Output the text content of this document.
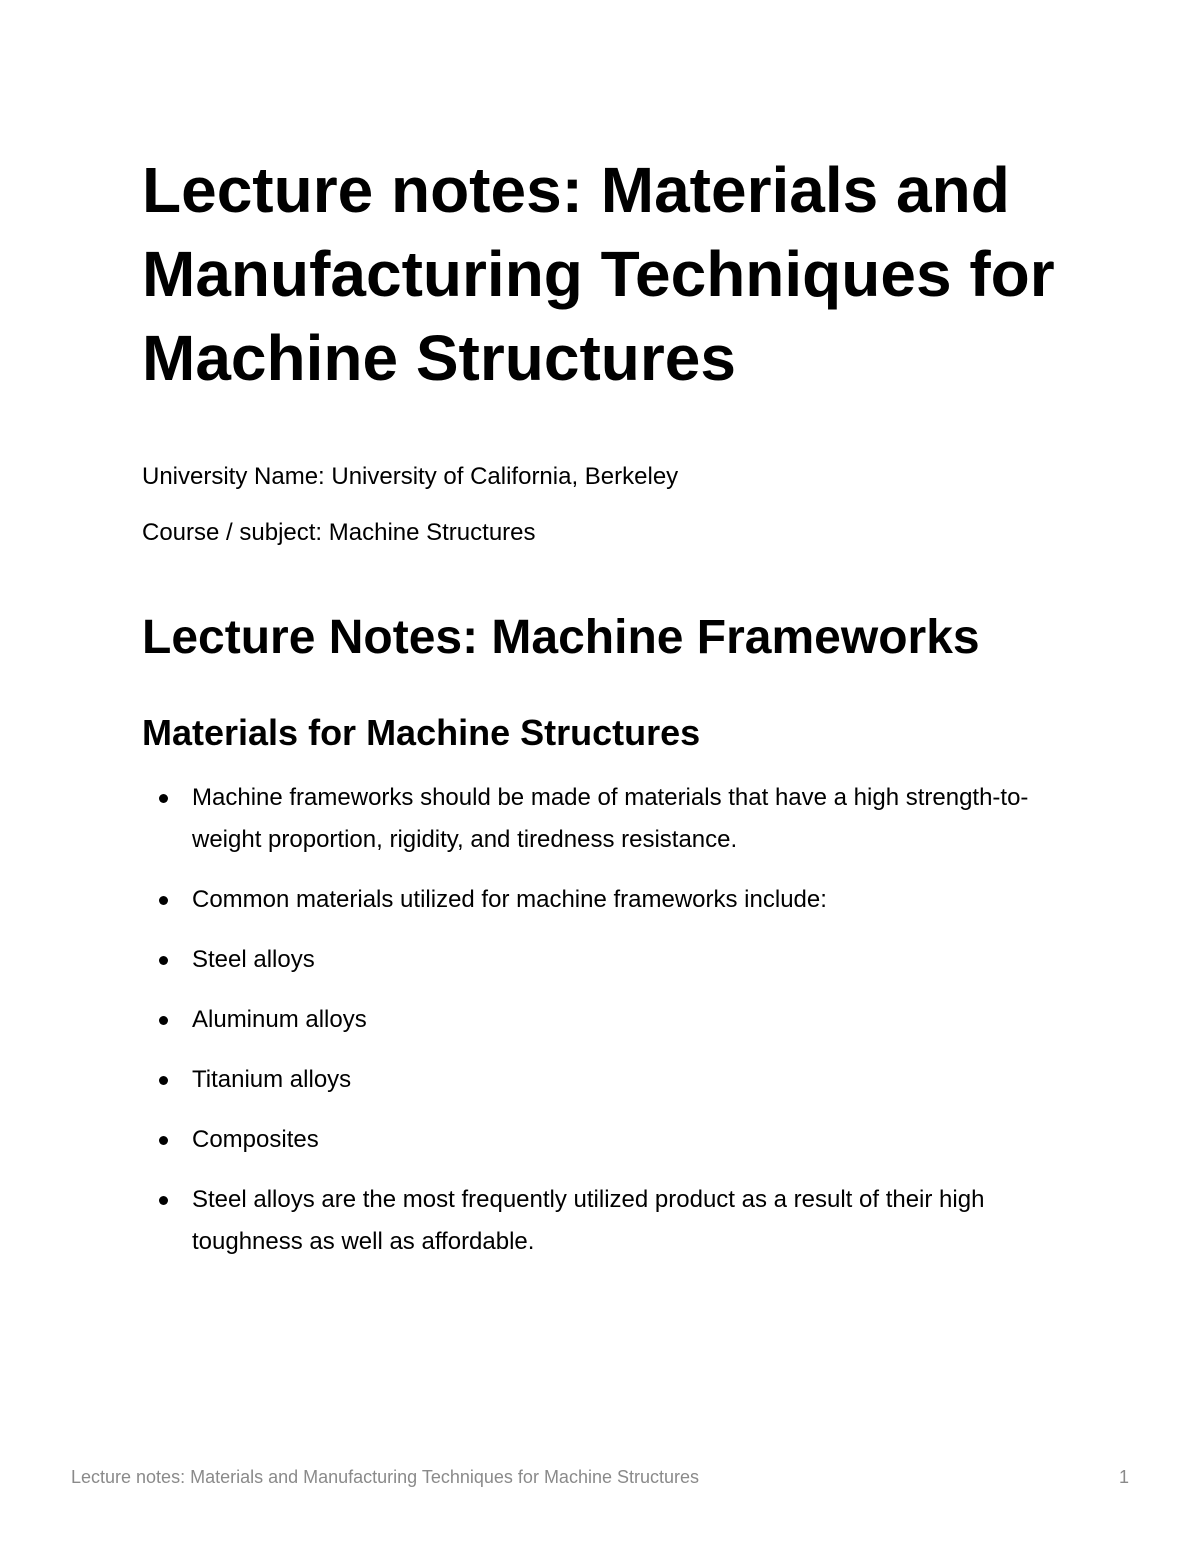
Lecture notes: Materials and Manufacturing Techniques for Machine Structures

University Name: University of California, Berkeley

Course / subject: Machine Structures

Lecture Notes: Machine Frameworks
Materials for Machine Structures
Machine frameworks should be made of materials that have a high strength-to-weight proportion, rigidity, and tiredness resistance.
Common materials utilized for machine frameworks include:
Steel alloys
Aluminum alloys
Titanium alloys
Composites
Steel alloys are the most frequently utilized product as a result of their high toughness as well as affordable.
Lecture notes: Materials and Manufacturing Techniques for Machine Structures	1
